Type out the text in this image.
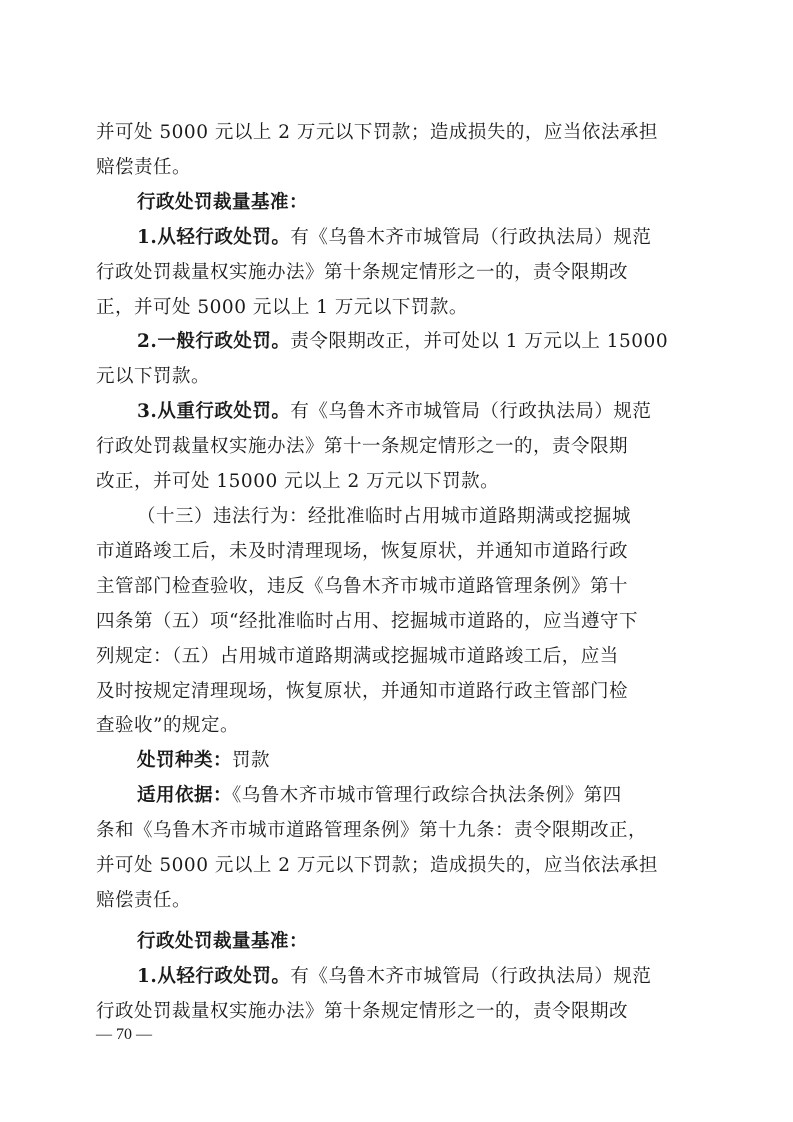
并可处 5000 元以上 2 万元以下罚款；造成损失的，应当依法承担
赔偿责任。
行政处罚裁量基准：
1.从轻行政处罚。有《乌鲁木齐市城管局（行政执法局）规范
行政处罚裁量权实施办法》第十条规定情形之一的，责令限期改
正，并可处 5000 元以上 1 万元以下罚款。
2.一般行政处罚。责令限期改正，并可处以 1 万元以上 15000
元以下罚款。
3.从重行政处罚。有《乌鲁木齐市城管局（行政执法局）规范
行政处罚裁量权实施办法》第十一条规定情形之一的，责令限期
改正，并可处 15000 元以上 2 万元以下罚款。
（十三）违法行为：经批准临时占用城市道路期满或挖掘城
市道路竣工后，未及时清理现场，恢复原状，并通知市道路行政
主管部门检查验收，违反《乌鲁木齐市城市道路管理条例》第十
四条第（五）项“经批准临时占用、挖掘城市道路的，应当遵守下
列规定：（五）占用城市道路期满或挖掘城市道路竣工后，应当
及时按规定清理现场，恢复原状，并通知市道路行政主管部门检
查验收”的规定。
处罚种类：罚款
适用依据：《乌鲁木齐市城市管理行政综合执法条例》第四
条和《乌鲁木齐市城市道路管理条例》第十九条：责令限期改正，
并可处 5000 元以上 2 万元以下罚款；造成损失的，应当依法承担
赔偿责任。
行政处罚裁量基准：
1.从轻行政处罚。有《乌鲁木齐市城管局（行政执法局）规范
行政处罚裁量权实施办法》第十条规定情形之一的，责令限期改
— 70 —
